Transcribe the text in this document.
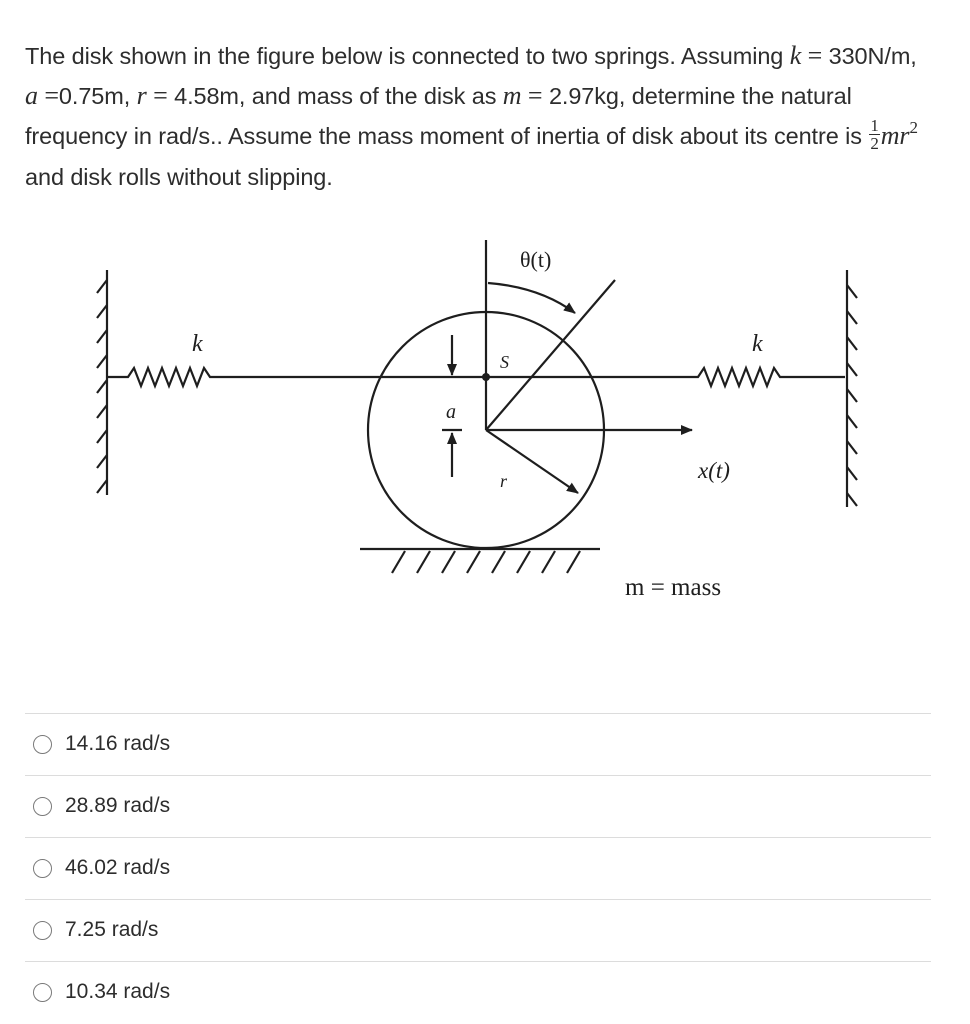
The disk shown in the figure below is connected to two springs. Assuming k = 330N/m, a =0.75m, r = 4.58m, and mass of the disk as m = 2.97kg, determine the natural frequency in rad/s.. Assume the mass moment of inertia of disk about its centre is $\frac{1}{2} mr^2$  and disk rolls without slipping.
θ(t)
k	k
S
a
r	x(t)
m = mass
14.16 rad/s
28.89 rad/s
46.02 rad/s
7.25 rad/s
10.34 rad/s
